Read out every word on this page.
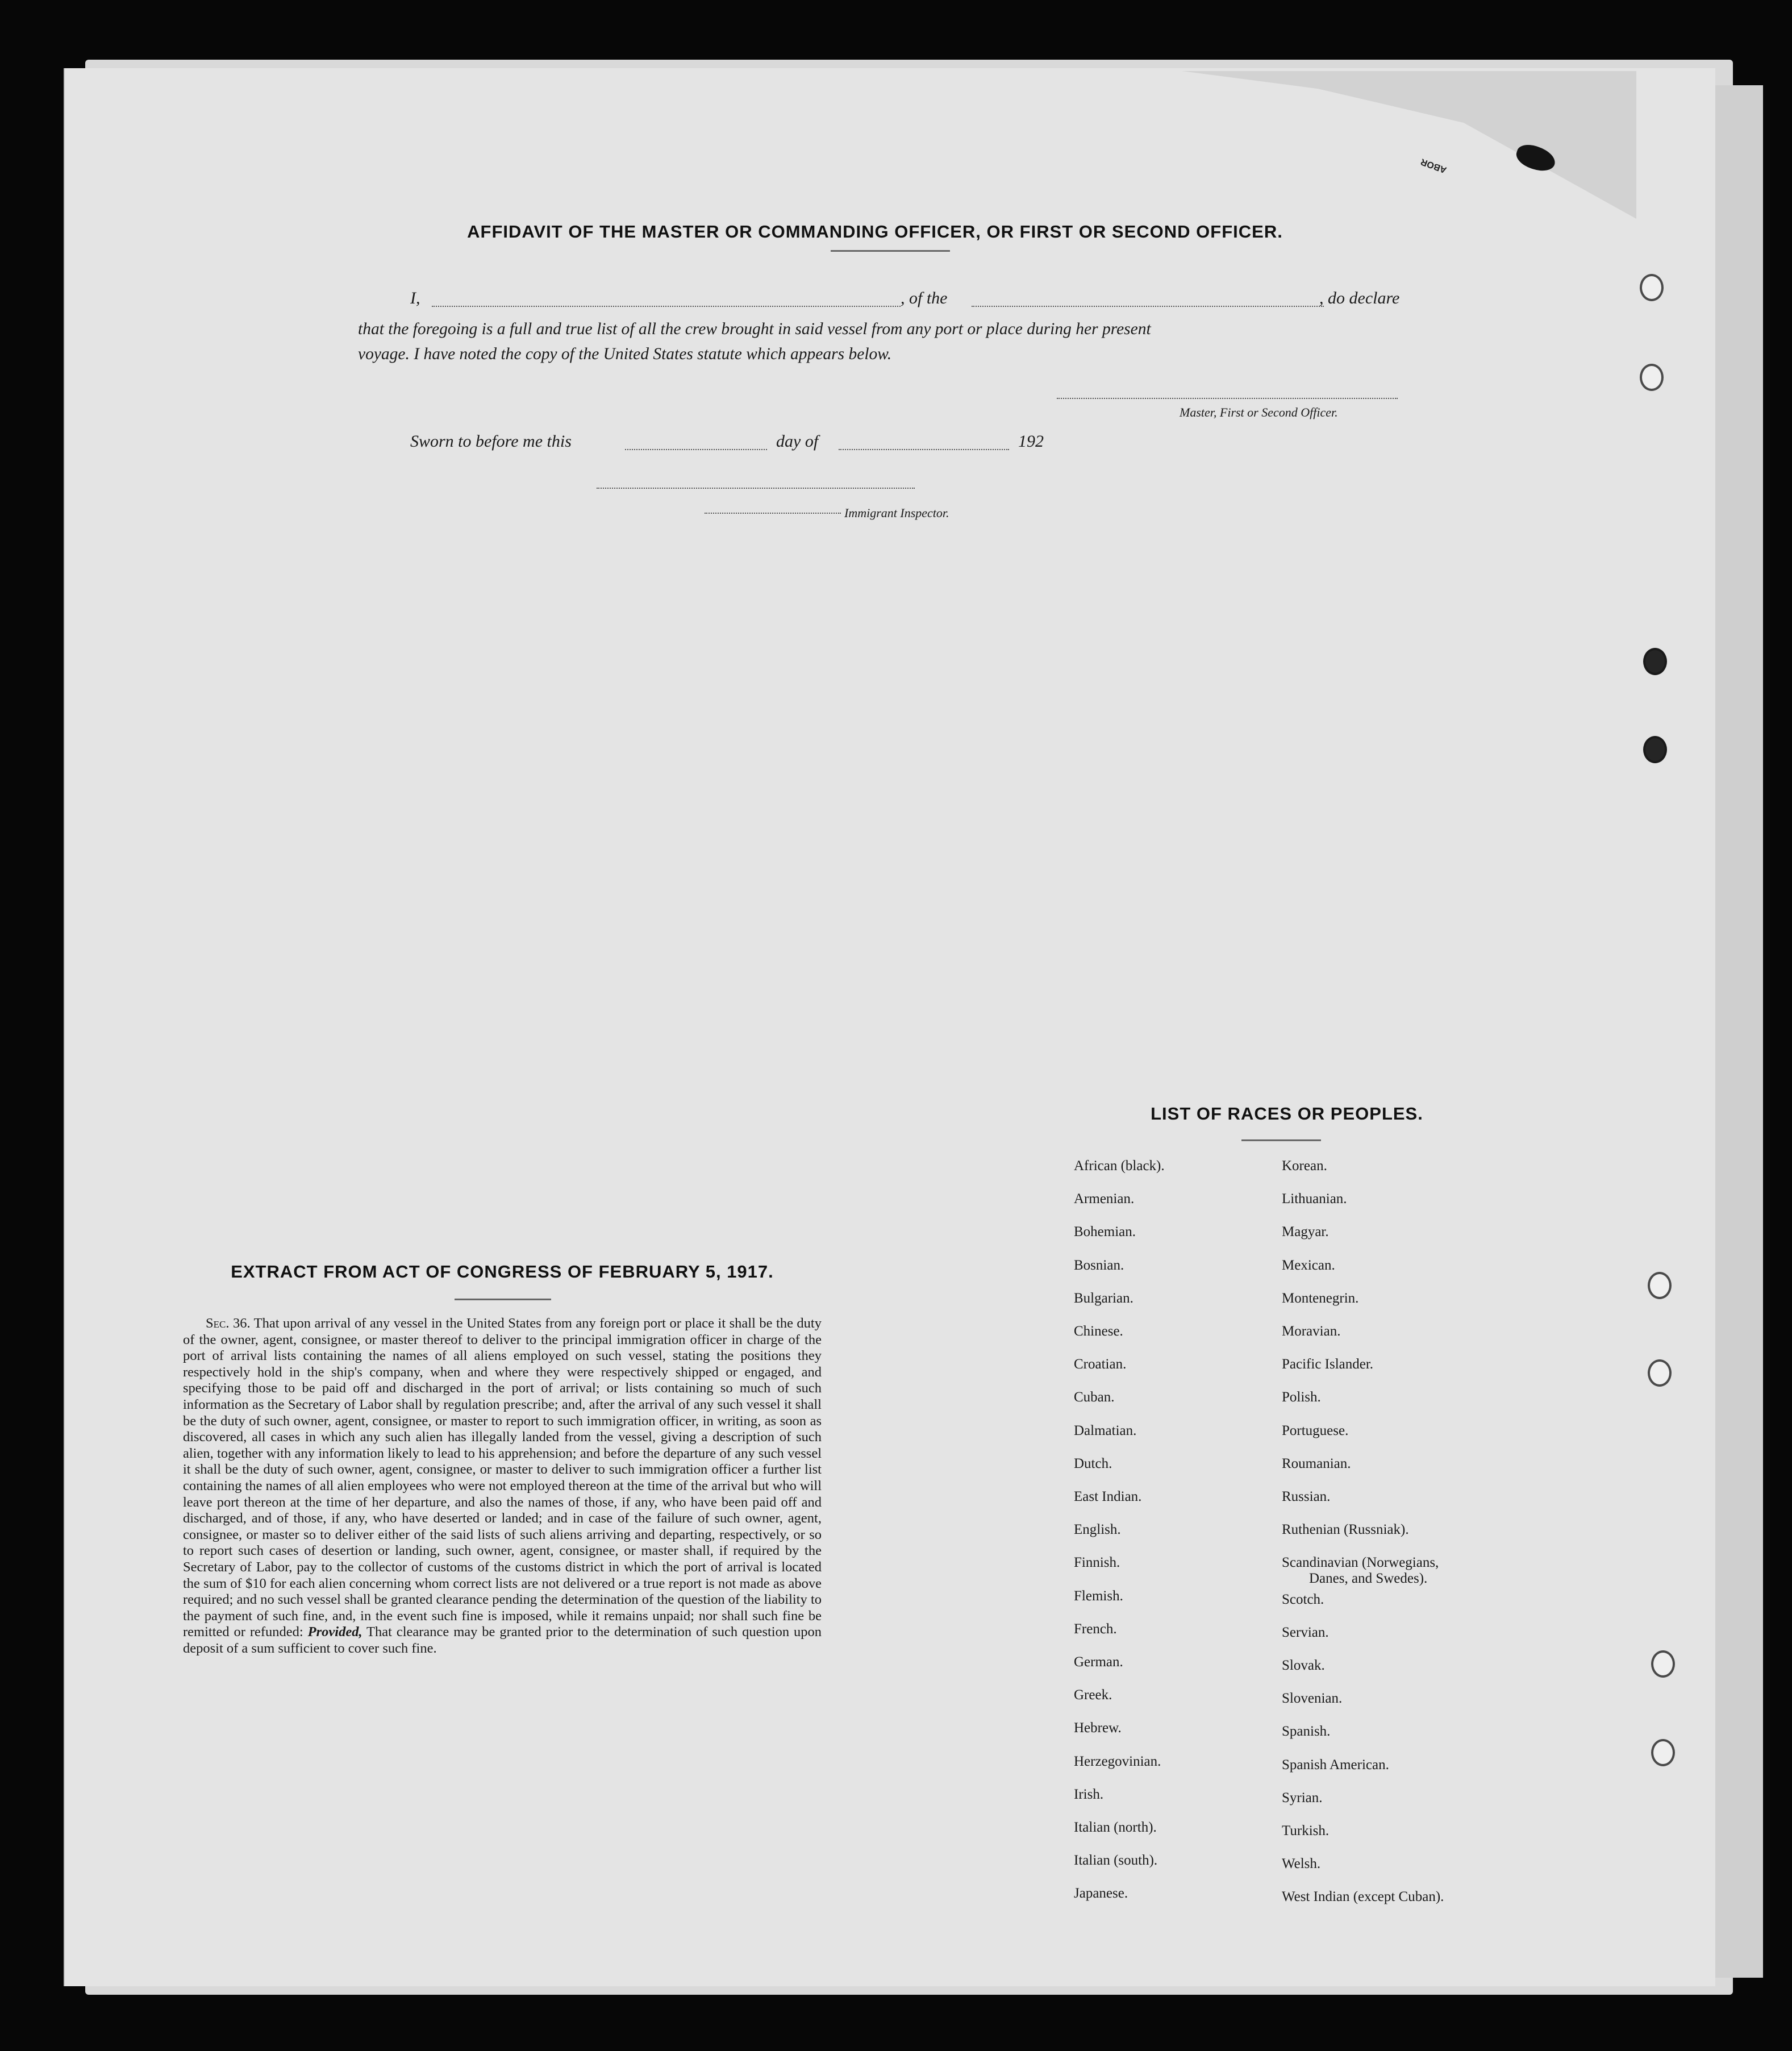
ABOR
AFFIDAVIT OF THE MASTER OR COMMANDING OFFICER, OR FIRST OR SECOND OFFICER.
I,	, of the	, do declare
that the foregoing is a full and true list of all the crew brought in said vessel from any port or place during her present
voyage. I have noted the copy of the United States statute which appears below.
Master, First or Second Officer.
Sworn to before me this	day of	192
Immigrant Inspector.
EXTRACT FROM ACT OF CONGRESS OF FEBRUARY 5, 1917.
Sec. 36. That upon arrival of any vessel in the United States from any foreign port or place it shall be the duty of the owner, agent, consignee, or master thereof to deliver to the principal immigration officer in charge of the port of arrival lists containing the names of all aliens employed on such vessel, stating the positions they respectively hold in the ship's company, when and where they were respectively shipped or engaged, and specifying those to be paid off and discharged in the port of arrival; or lists containing so much of such information as the Secretary of Labor shall by regulation prescribe; and, after the arrival of any such vessel it shall be the duty of such owner, agent, consignee, or master to report to such immigration officer, in writing, as soon as discovered, all cases in which any such alien has illegally landed from the vessel, giving a description of such alien, together with any information likely to lead to his apprehension; and before the departure of any such vessel it shall be the duty of such owner, agent, consignee, or master to deliver to such immigration officer a further list containing the names of all alien employees who were not employed thereon at the time of the arrival but who will leave port thereon at the time of her departure, and also the names of those, if any, who have been paid off and discharged, and of those, if any, who have deserted or landed; and in case of the failure of such owner, agent, consignee, or master so to deliver either of the said lists of such aliens arriving and departing, respectively, or so to report such cases of desertion or landing, such owner, agent, consignee, or master shall, if required by the Secretary of Labor, pay to the collector of customs of the customs district in which the port of arrival is located the sum of $10 for each alien concerning whom correct lists are not delivered or a true report is not made as above required; and no such vessel shall be granted clearance pending the determination of the question of the liability to the payment of such fine, and, in the event such fine is imposed, while it remains unpaid; nor shall such fine be remitted or refunded: Provided, That clearance may be granted prior to the determination of such question upon deposit of a sum sufficient to cover such fine.
LIST OF RACES OR PEOPLES.
African (black).
Armenian.
Bohemian.
Bosnian.
Bulgarian.
Chinese.
Croatian.
Cuban.
Dalmatian.
Dutch.
East Indian.
English.
Finnish.
Flemish.
French.
German.
Greek.
Hebrew.
Herzegovinian.
Irish.
Italian (north).
Italian (south).
Japanese.
Korean.
Lithuanian.
Magyar.
Mexican.
Montenegrin.
Moravian.
Pacific Islander.
Polish.
Portuguese.
Roumanian.
Russian.
Ruthenian (Russniak).
Scandinavian (Norwegians,
Danes, and Swedes).
Scotch.
Servian.
Slovak.
Slovenian.
Spanish.
Spanish American.
Syrian.
Turkish.
Welsh.
West Indian (except Cuban).
